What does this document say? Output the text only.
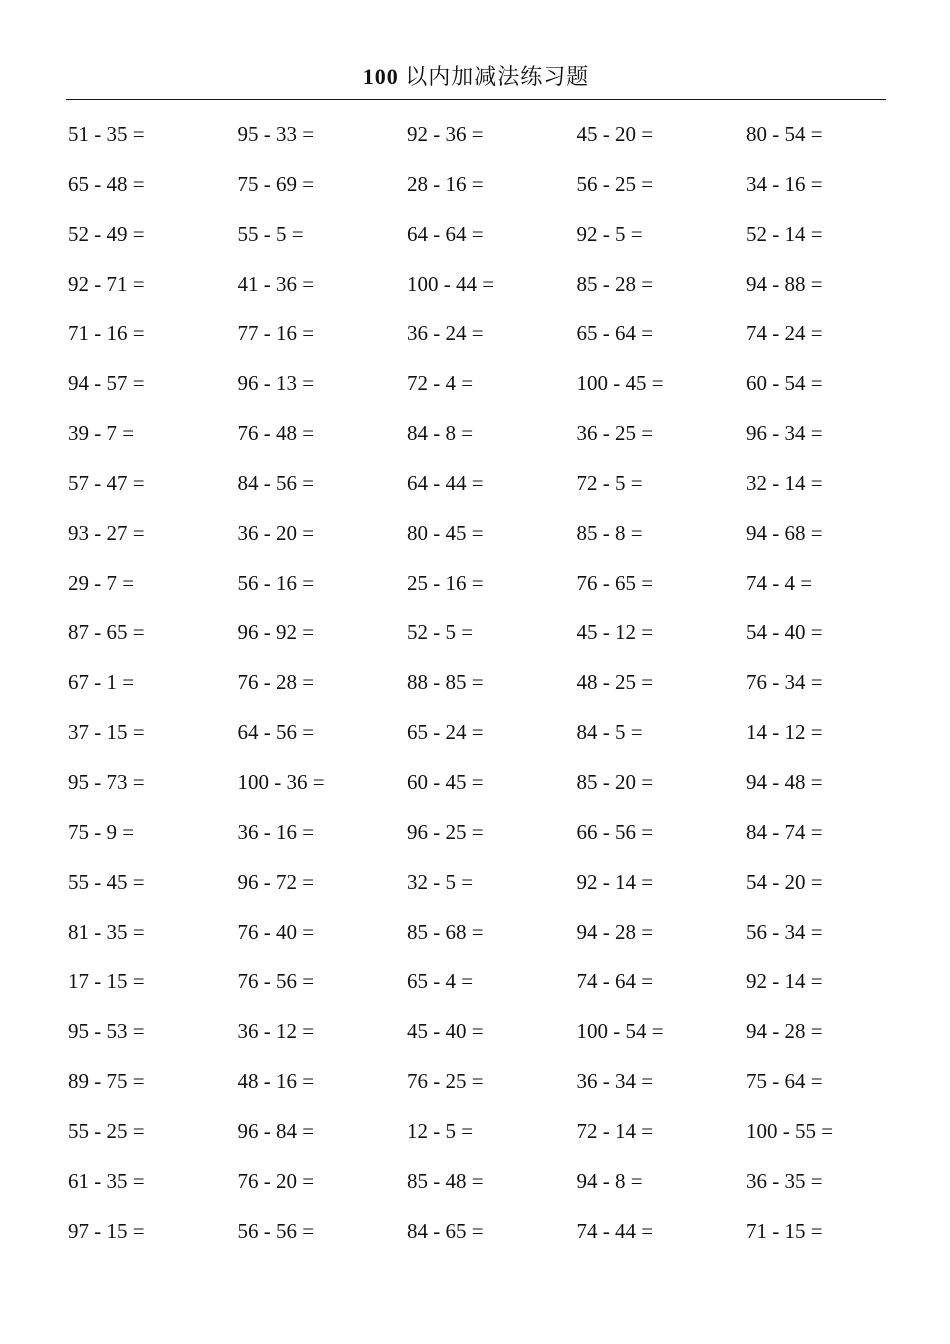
100 以内加减法练习题
51 - 35 =	95 - 33 =	92 - 36 =	45 - 20 =	80 - 54 =
65 - 48 =	75 - 69 =	28 - 16 =	56 - 25 =	34 - 16 =
52 - 49 =	55 - 5 =	64 - 64 =	92 - 5 =	52 - 14 =
92 - 71 =	41 - 36 =	100 - 44 =	85 - 28 =	94 - 88 =
71 - 16 =	77 - 16 =	36 - 24 =	65 - 64 =	74 - 24 =
94 - 57 =	96 - 13 =	72 - 4 =	100 - 45 =	60 - 54 =
39 - 7 =	76 - 48 =	84 - 8 =	36 - 25 =	96 - 34 =
57 - 47 =	84 - 56 =	64 - 44 =	72 - 5 =	32 - 14 =
93 - 27 =	36 - 20 =	80 - 45 =	85 - 8 =	94 - 68 =
29 - 7 =	56 - 16 =	25 - 16 =	76 - 65 =	74 - 4 =
87 - 65 =	96 - 92 =	52 - 5 =	45 - 12 =	54 - 40 =
67 - 1 =	76 - 28 =	88 - 85 =	48 - 25 =	76 - 34 =
37 - 15 =	64 - 56 =	65 - 24 =	84 - 5 =	14 - 12 =
95 - 73 =	100 - 36 =	60 - 45 =	85 - 20 =	94 - 48 =
75 - 9 =	36 - 16 =	96 - 25 =	66 - 56 =	84 - 74 =
55 - 45 =	96 - 72 =	32 - 5 =	92 - 14 =	54 - 20 =
81 - 35 =	76 - 40 =	85 - 68 =	94 - 28 =	56 - 34 =
17 - 15 =	76 - 56 =	65 - 4 =	74 - 64 =	92 - 14 =
95 - 53 =	36 - 12 =	45 - 40 =	100 - 54 =	94 - 28 =
89 - 75 =	48 - 16 =	76 - 25 =	36 - 34 =	75 - 64 =
55 - 25 =	96 - 84 =	12 - 5 =	72 - 14 =	100 - 55 =
61 - 35 =	76 - 20 =	85 - 48 =	94 - 8 =	36 - 35 =
97 - 15 =	56 - 56 =	84 - 65 =	74 - 44 =	71 - 15 =
